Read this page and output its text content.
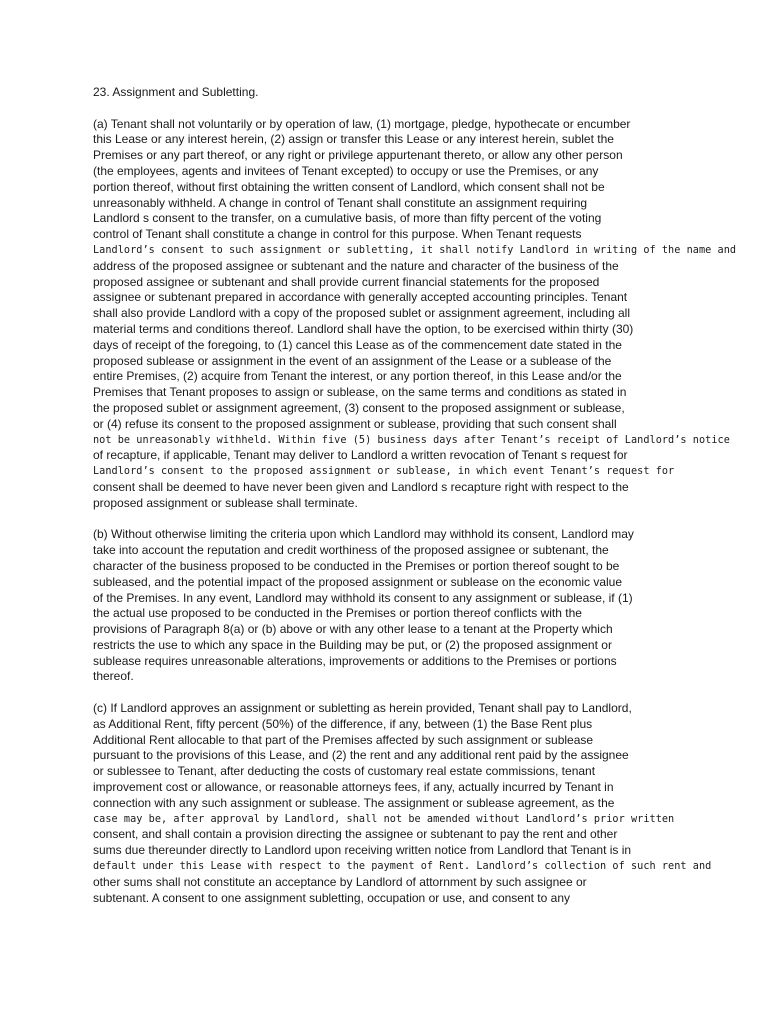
23. Assignment and Subletting.
(a) Tenant shall not voluntarily or by operation of law, (1) mortgage, pledge, hypothecate or encumber
this Lease or any interest herein, (2) assign or transfer this Lease or any interest herein, sublet the
Premises or any part thereof, or any right or privilege appurtenant thereto, or allow any other person
(the employees, agents and invitees of Tenant excepted) to occupy or use the Premises, or any
portion thereof, without first obtaining the written consent of Landlord, which consent shall not be
unreasonably withheld. A change in control of Tenant shall constitute an assignment requiring
Landlord s consent to the transfer, on a cumulative basis, of more than fifty percent of the voting
control of Tenant shall constitute a change in control for this purpose. When Tenant requests
Landlord’s consent to such assignment or subletting, it shall notify Landlord in writing of the name and
address of the proposed assignee or subtenant and the nature and character of the business of the
proposed assignee or subtenant and shall provide current financial statements for the proposed
assignee or subtenant prepared in accordance with generally accepted accounting principles. Tenant
shall also provide Landlord with a copy of the proposed sublet or assignment agreement, including all
material terms and conditions thereof. Landlord shall have the option, to be exercised within thirty (30)
days of receipt of the foregoing, to (1) cancel this Lease as of the commencement date stated in the
proposed sublease or assignment in the event of an assignment of the Lease or a sublease of the
entire Premises, (2) acquire from Tenant the interest, or any portion thereof, in this Lease and/or the
Premises that Tenant proposes to assign or sublease, on the same terms and conditions as stated in
the proposed sublet or assignment agreement, (3) consent to the proposed assignment or sublease,
or (4) refuse its consent to the proposed assignment or sublease, providing that such consent shall
not be unreasonably withheld. Within five (5) business days after Tenant’s receipt of Landlord’s notice
of recapture, if applicable, Tenant may deliver to Landlord a written revocation of Tenant s request for
Landlord’s consent to the proposed assignment or sublease, in which event Tenant’s request for
consent shall be deemed to have never been given and Landlord s recapture right with respect to the
proposed assignment or sublease shall terminate.
(b) Without otherwise limiting the criteria upon which Landlord may withhold its consent, Landlord may
take into account the reputation and credit worthiness of the proposed assignee or subtenant, the
character of the business proposed to be conducted in the Premises or portion thereof sought to be
subleased, and the potential impact of the proposed assignment or sublease on the economic value
of the Premises. In any event, Landlord may withhold its consent to any assignment or sublease, if (1)
the actual use proposed to be conducted in the Premises or portion thereof conflicts with the
provisions of Paragraph 8(a) or (b) above or with any other lease to a tenant at the Property which
restricts the use to which any space in the Building may be put, or (2) the proposed assignment or
sublease requires unreasonable alterations, improvements or additions to the Premises or portions
thereof.
(c) If Landlord approves an assignment or subletting as herein provided, Tenant shall pay to Landlord,
as Additional Rent, fifty percent (50%) of the difference, if any, between (1) the Base Rent plus
Additional Rent allocable to that part of the Premises affected by such assignment or sublease
pursuant to the provisions of this Lease, and (2) the rent and any additional rent paid by the assignee
or sublessee to Tenant, after deducting the costs of customary real estate commissions, tenant
improvement cost or allowance, or reasonable attorneys fees, if any, actually incurred by Tenant in
connection with any such assignment or sublease. The assignment or sublease agreement, as the
case may be, after approval by Landlord, shall not be amended without Landlord’s prior written
consent, and shall contain a provision directing the assignee or subtenant to pay the rent and other
sums due thereunder directly to Landlord upon receiving written notice from Landlord that Tenant is in
default under this Lease with respect to the payment of Rent. Landlord’s collection of such rent and
other sums shall not constitute an acceptance by Landlord of attornment by such assignee or
subtenant. A consent to one assignment subletting, occupation or use, and consent to any
